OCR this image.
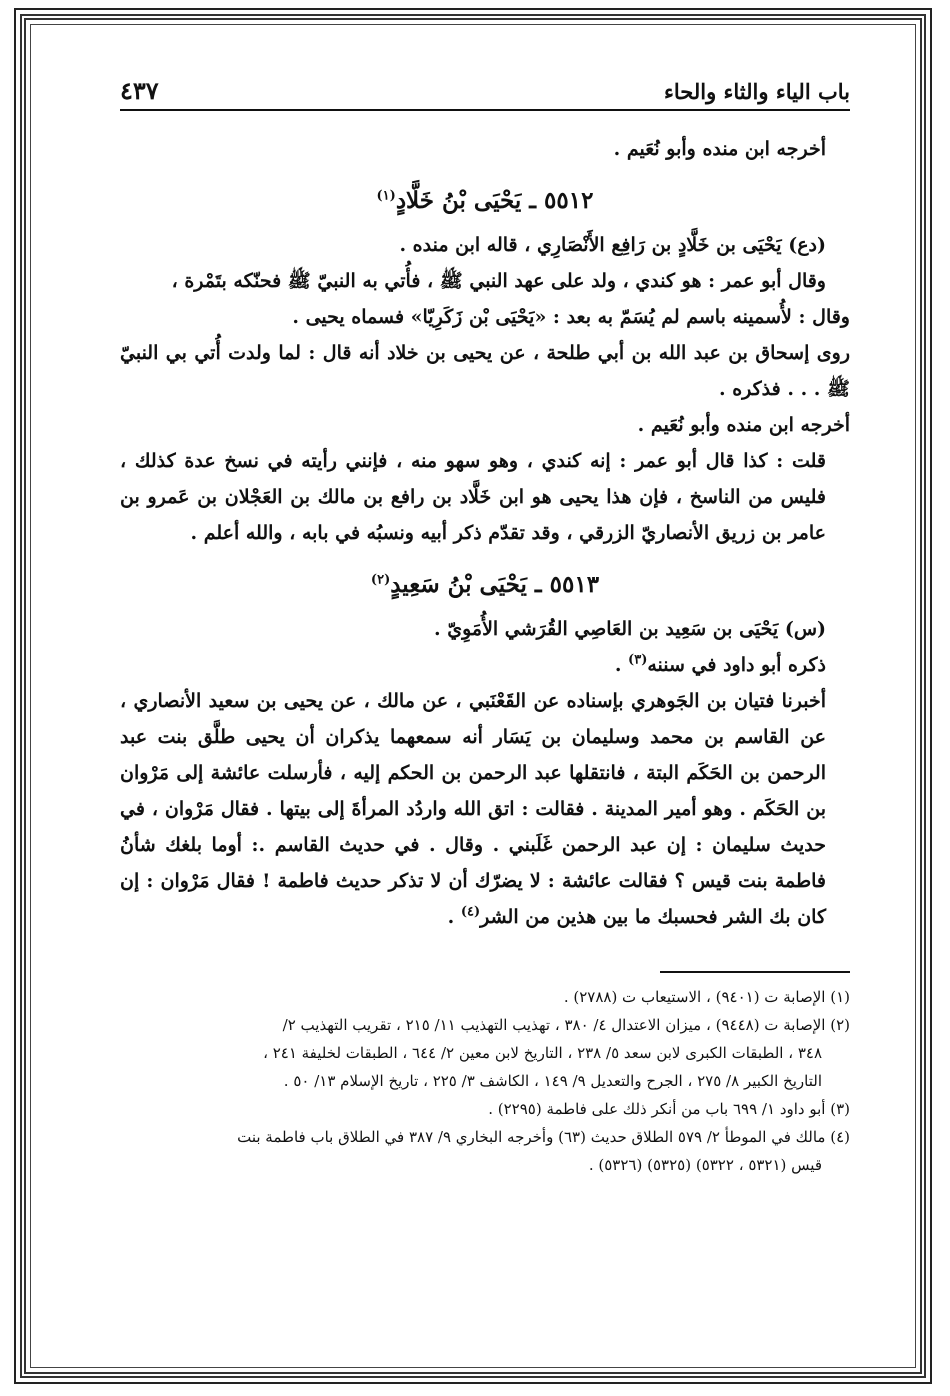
باب الياء والثاء والحاء
٤٣٧

أخرجه ابن منده وأبو نُعَيم .

٥٥١٢ ـ يَحْيَى بْنُ خَلَّادٍ$^{(١)}$

(دع) يَحْيَى بن خَلَّادٍ بن رَافِع الأَنْصَارِي ، قاله ابن منده .

وقال أبو عمر : هو كندي ، ولد على عهد النبي ﷺ ، فأُتي به النبيّ ﷺ فحنّكه بتَمْرة ،

وقال : لأُسمينه باسم لم يُسَمّ به بعد : «يَحْيَى بْن زَكَرِيّا» فسماه يحيى .

روى إسحاق بن عبد الله بن أبي طلحة ، عن يحيى بن خلاد أنه قال : لما ولدت أُتي بي النبيّ ﷺ . . . فذكره .

أخرجه ابن منده وأبو نُعَيم .

قلت : كذا قال أبو عمر : إنه كندي ، وهو سهو منه ، فإنني رأيته في نسخ عدة كذلك ، فليس من الناسخ ، فإن هذا يحيى هو ابن خَلَّاد بن رافع بن مالك بن العَجْلان بن عَمرو بن عامر بن زريق الأنصاريّ الزرقي ، وقد تقدّم ذكر أبيه ونسبُه في بابه ، والله أعلم .

٥٥١٣ ـ يَحْيَى بْنُ سَعِيدٍ$^{(٢)}$

(س) يَحْيَى بن سَعِيد بن العَاصِي القُرَشي الأُمَوِيّ .

ذكره أبو داود في سننه$^{(٣)}$ .

أخبرنا فتيان بن الجَوهري بإسناده عن القَعْنَبي ، عن مالك ، عن يحيى بن سعيد الأنصاري ، عن القاسم بن محمد وسليمان بن يَسَار أنه سمعهما يذكران أن يحيى طلَّق بنت عبد الرحمن بن الحَكَم البتة ، فانتقلها عبد الرحمن بن الحكم إليه ، فأرسلت عائشة إلى مَرْوان بن الحَكَم . وهو أمير المدينة . فقالت : اتق الله واردُد المرأةَ إلى بيتها . فقال مَرْوان ، في حديث سليمان : إن عبد الرحمن غَلَبني . وقال . في حديث القاسم .: أوما بلغك شأنُ فاطمة بنت قيس ؟ فقالت عائشة : لا يضرّك أن لا تذكر حديث فاطمة ! فقال مَرْوان : إن كان بك الشر فحسبك ما بين هذين من الشر$^{(٤)}$ .

(١) الإصابة ت (٩٤٠١) ، الاستيعاب ت (٢٧٨٨) .

(٢) الإصابة ت (٩٤٤٨) ، ميزان الاعتدال ٤/ ٣٨٠ ، تهذيب التهذيب ١١/ ٢١٥ ، تقريب التهذيب ٢/

٣٤٨ ، الطبقات الكبرى لابن سعد ٥/ ٢٣٨ ، التاريخ لابن معين ٢/ ٦٤٤ ، الطبقات لخليفة ٢٤١ ،

التاريخ الكبير ٨/ ٢٧٥ ، الجرح والتعديل ٩/ ١٤٩ ، الكاشف ٣/ ٢٢٥ ، تاريخ الإسلام ١٣/ ٥٠ .

(٣) أبو داود ١/ ٦٩٩ باب من أنكر ذلك على فاطمة (٢٢٩٥) .

(٤) مالك في الموطأ ٢/ ٥٧٩ الطلاق حديث (٦٣) وأخرجه البخاري ٩/ ٣٨٧ في الطلاق باب فاطمة بنت

قيس (٥٣٢١ ، ٥٣٢٢) (٥٣٢٥) (٥٣٢٦) .
